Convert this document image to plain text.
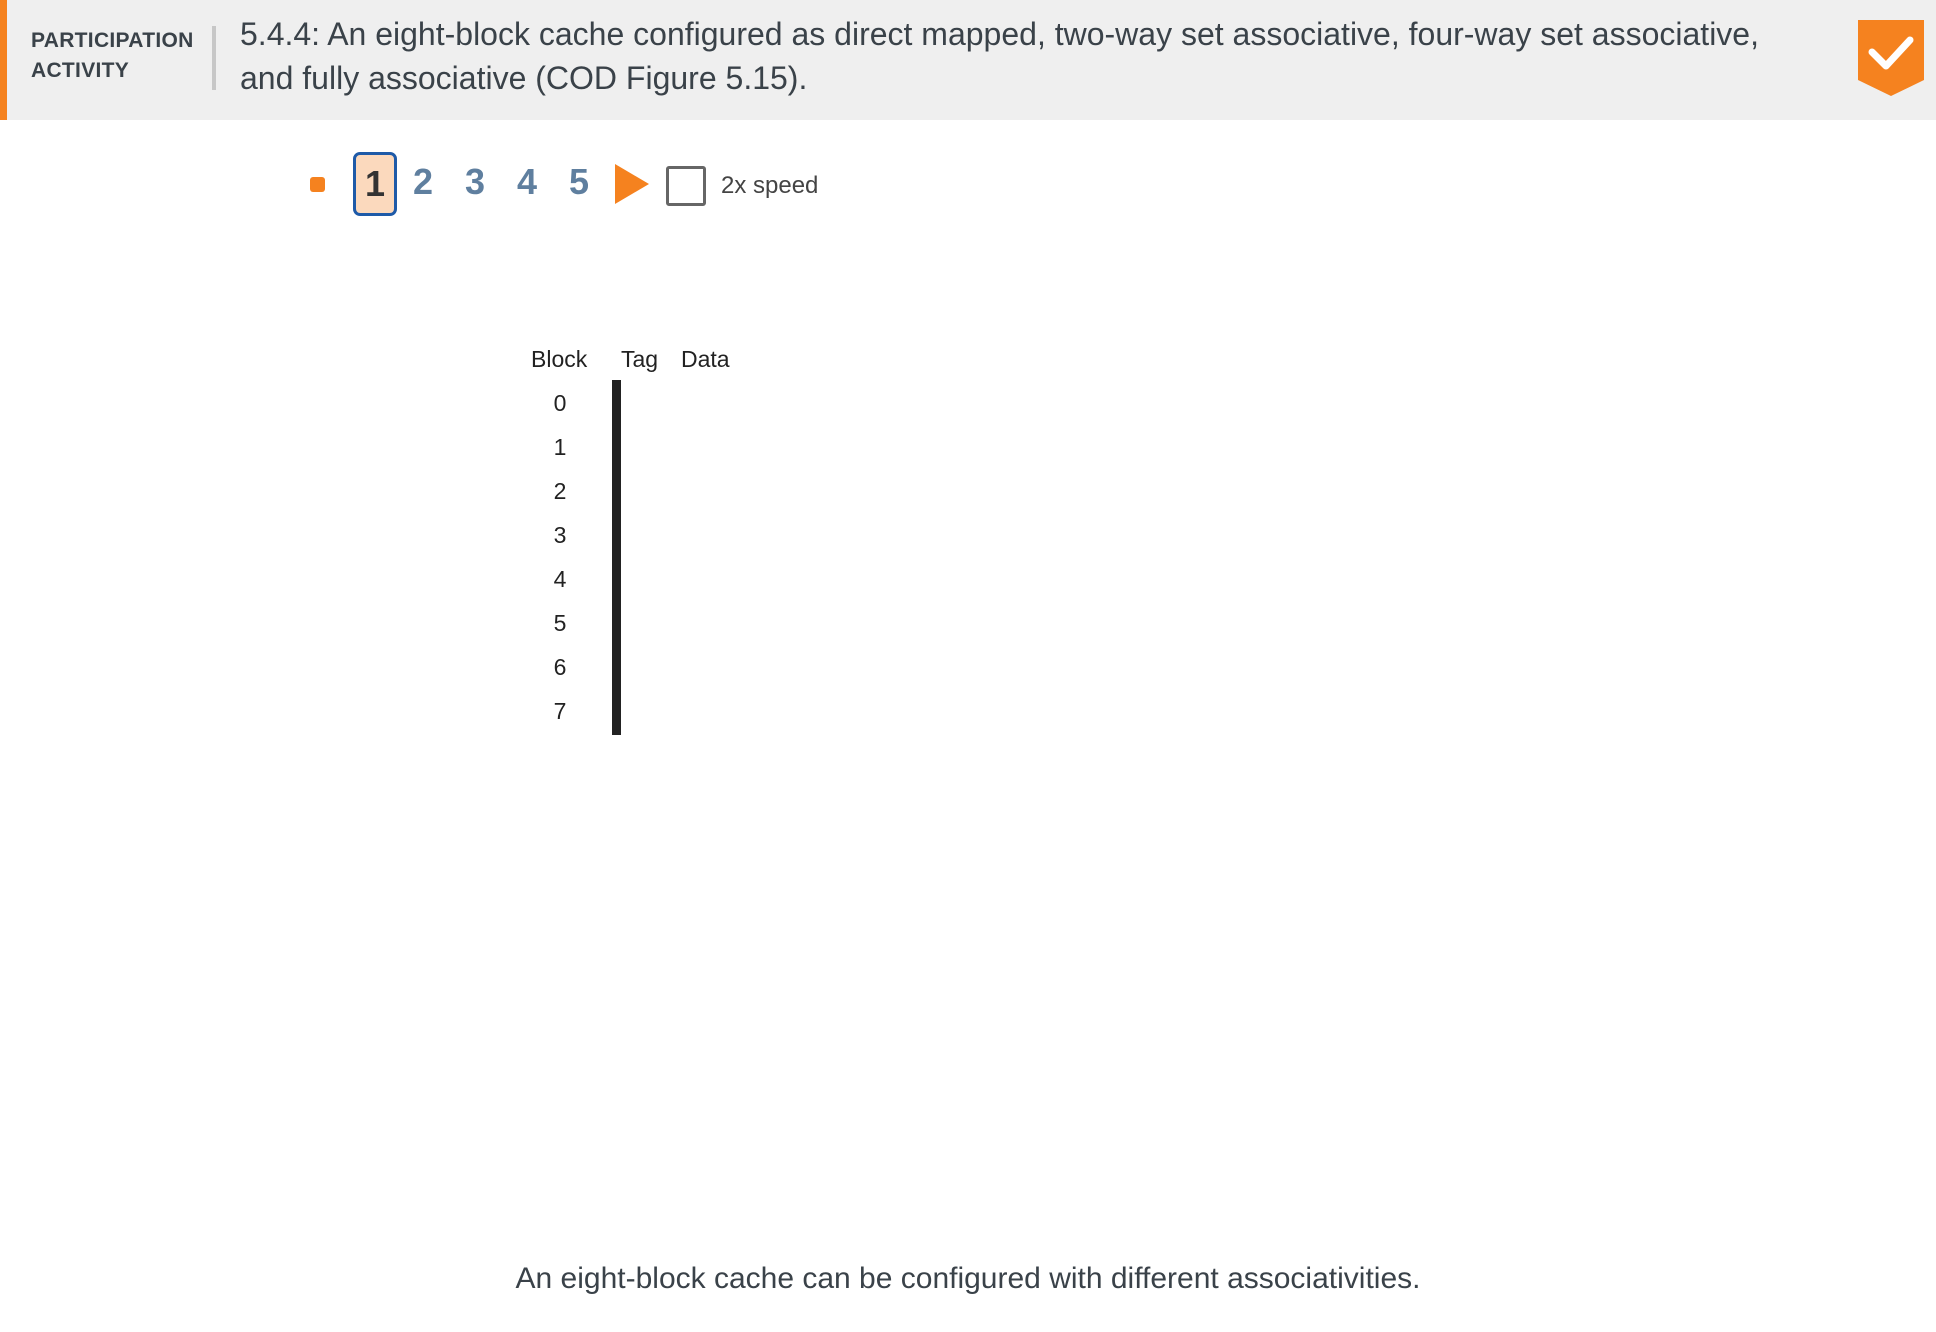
PARTICIPATION
ACTIVITY
5.4.4: An eight-block cache configured as direct mapped, two-way set associative, four-way set associative, and fully associative (COD Figure 5.15).
1 2 3 4 5	2x speed
Block Tag Data
0
1
2
3
4
5
6
7

An eight-block cache can be configured with different associativities.
